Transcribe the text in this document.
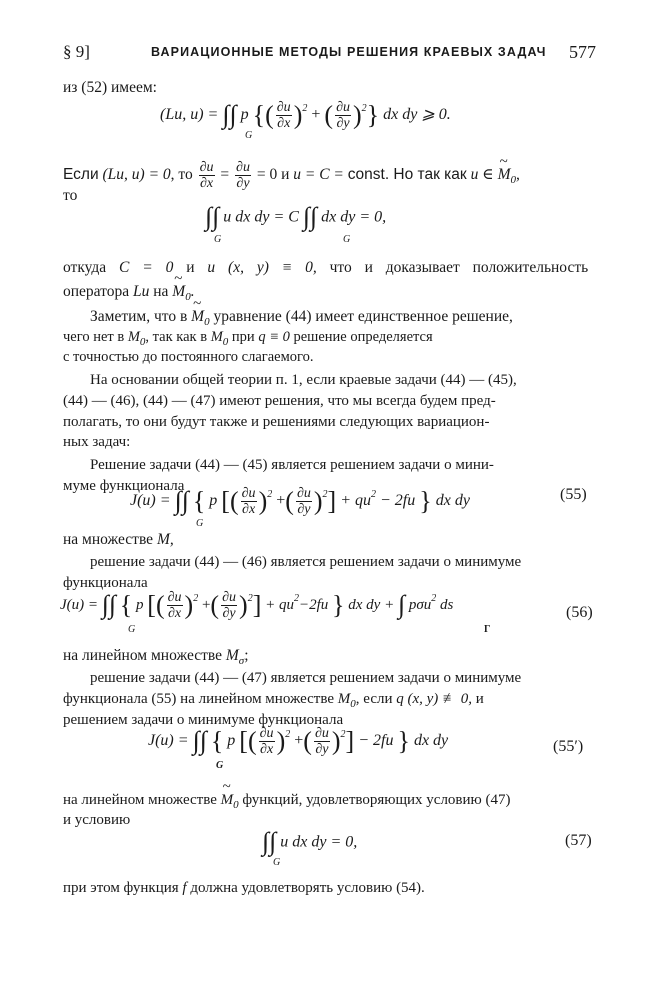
§ 9]	ВАРИАЦИОННЫЕ МЕТОДЫ РЕШЕНИЯ КРАЕВЫХ ЗАДАЧ 577
из (52) имеем:
(Lu, u) = ∫∫ p {( $\frac{\partial u}{\partial x} )^2$ + ( $\frac{\partial u}{\partial y} )^2$} dx dy ⩾ 0.
G
Если (Lu, u) = 0, то $\frac{\partial u}{\partial x} = \frac{\partial u}{\partial y} = 0$ и u = C = const. Но так как u ∈ ~ $M_0$,
то
∫∫ u dx dy = C ∫∫ dx dy = 0,
G	G
откуда C = 0 и u (x, y) ≡ 0, что и доказывает положительность
оператора Lu на ~ $M_0$.
Заметим, что в ~ $M_0$ уравнение (44) имеет единственное решение,
чего нет в $M_0$, так как в $M_0$ при q ≡ 0 решение определяется
с точностью до постоянного слагаемого.
На основании общей теории п. 1, если краевые задачи (44) — (45),
(44) — (46), (44) — (47) имеют решения, что мы всегда будем пред-
полагать, то они будут также и решениями следующих вариацион-
ных задач:
Решение задачи (44) — (45) является решением задачи о мини-
муме функционала
J(u) = ∫∫ { p [( $\frac{\partial u}{\partial x} )^2$ +( $\frac{\partial u}{\partial y} )^2] + qu^2 - 2fu$ } dx dy
G
(55)
на множестве M,
решение задачи (44) — (46) является решением задачи о минимуме
функционала
J(u) = ∫∫ { p [( $\frac{\partial u}{\partial x} )^2$ +( $\frac{\partial u}{\partial y} )^2] + qu^2-2fu$ } dx dy + ∫ pσu$^2$ ds
G	Г
(56)
на линейном множестве $M_\sigma$;
решение задачи (44) — (47) является решением задачи о минимуме
функционала (55) на линейном множестве $M_0$, если q (x, y) ≢ 0, и
решением задачи о минимуме функционала
J(u) = ∫∫ { p [( $\frac{\partial u}{\partial x} )^2$ +( $\frac{\partial u}{\partial y} )^2] - 2fu$ } dx dy
G
(55′)
на линейном множестве ~ $M_0$ функций, удовлетворяющих условию (47)
и условию
∫∫ u dx dy = 0,
G
(57)
при этом функция f должна удовлетворять условию (54).
